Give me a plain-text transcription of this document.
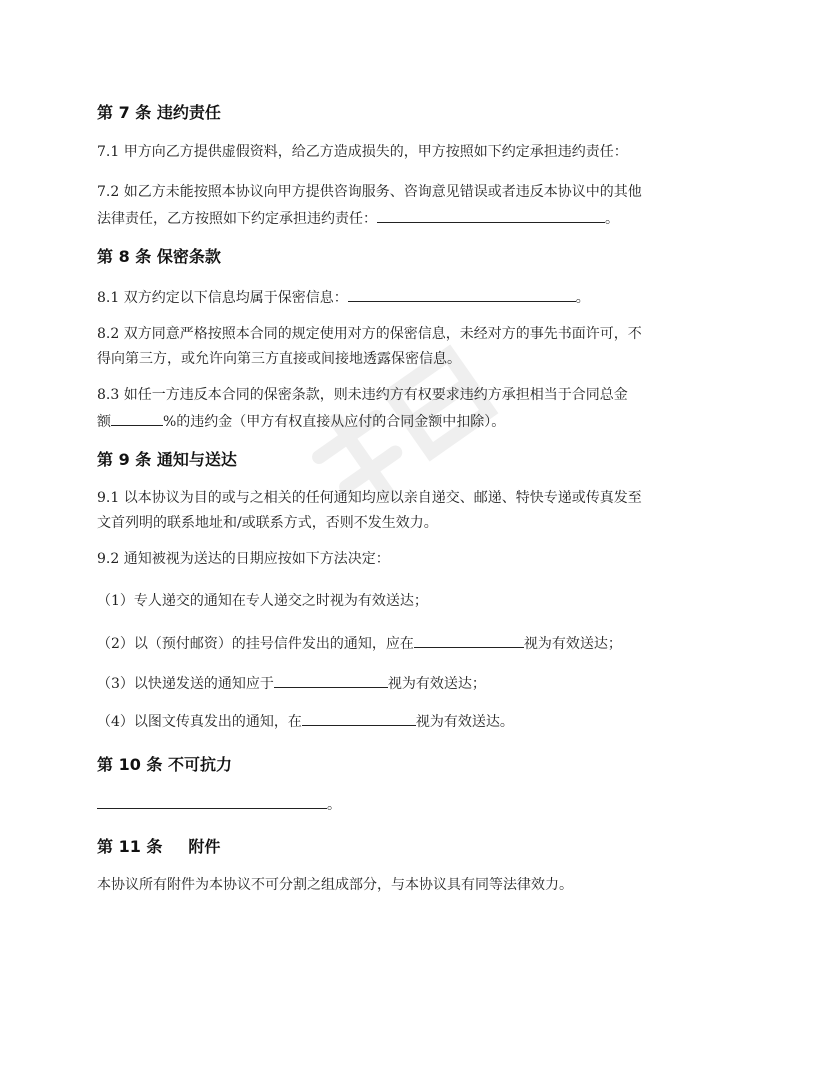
第 7 条 违约责任
7.1 甲方向乙方提供虚假资料，给乙方造成损失的，甲方按照如下约定承担违约责任：
7.2 如乙方未能按照本协议向甲方提供咨询服务、咨询意见错误或者违反本协议中的其他
法律责任，乙方按照如下约定承担违约责任：	。
第 8 条 保密条款
8.1 双方约定以下信息均属于保密信息：	。
8.2 双方同意严格按照本合同的规定使用对方的保密信息，未经对方的事先书面许可，不
得向第三方，或允许向第三方直接或间接地透露保密信息。
8.3 如任一方违反本合同的保密条款，则未违约方有权要求违约方承担相当于合同总金
额	%的违约金（甲方有权直接从应付的合同金额中扣除）。
第 9 条 通知与送达
9.1 以本协议为目的或与之相关的任何通知均应以亲自递交、邮递、特快专递或传真发至
文首列明的联系地址和/或联系方式，否则不发生效力。
9.2 通知被视为送达的日期应按如下方法决定：
（1）专人递交的通知在专人递交之时视为有效送达；
（2）以（预付邮资）的挂号信件发出的通知，应在	视为有效送达；
（3）以快递发送的通知应于	视为有效送达；
（4）以图文传真发出的通知，在	视为有效送达。
第 10 条 不可抗力
。
第 11 条 附件
本协议所有附件为本协议不可分割之组成部分，与本协议具有同等法律效力。
